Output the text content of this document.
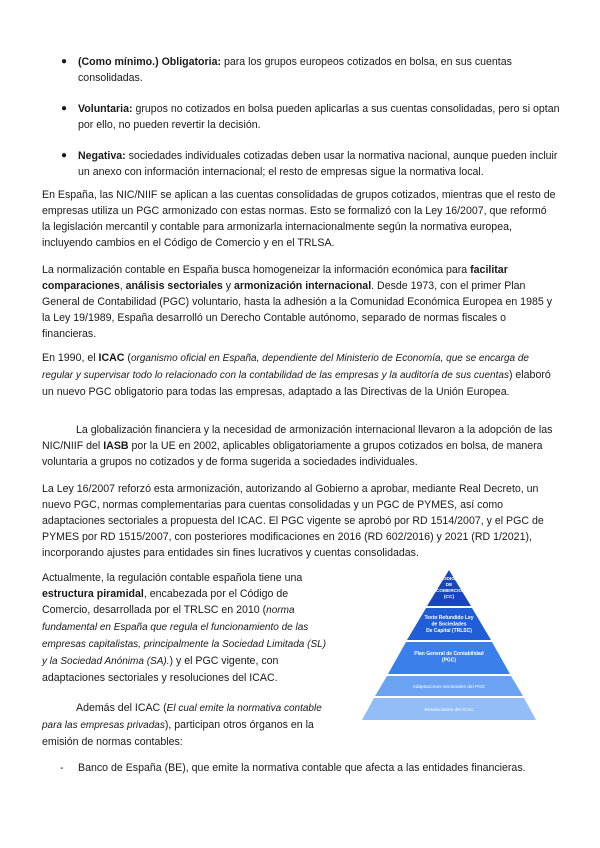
● (Como mínimo.) Obligatoria: para los grupos europeos cotizados en bolsa, en sus cuentas consolidadas.
● Voluntaria: grupos no cotizados en bolsa pueden aplicarlas a sus cuentas consolidadas, pero si optan por ello, no pueden revertir la decisión.
● Negativa: sociedades individuales cotizadas deben usar la normativa nacional, aunque pueden incluir un anexo con información internacional; el resto de empresas sigue la normativa local.

En España, las NIC/NIIF se aplican a las cuentas consolidadas de grupos cotizados, mientras que el resto de empresas utiliza un PGC armonizado con estas normas. Esto se formalizó con la Ley 16/2007, que reformó la legislación mercantil y contable para armonizarla internacionalmente según la normativa europea, incluyendo cambios en el Código de Comercio y en el TRLSA.

La normalización contable en España busca homogeneizar la información económica para facilitar comparaciones, análisis sectoriales y armonización internacional. Desde 1973, con el primer Plan General de Contabilidad (PGC) voluntario, hasta la adhesión a la Comunidad Económica Europea en 1985 y la Ley 19/1989, España desarrolló un Derecho Contable autónomo, separado de normas fiscales o financieras.

En 1990, el ICAC (organismo oficial en España, dependiente del Ministerio de Economía, que se encarga de regular y supervisar todo lo relacionado con la contabilidad de las empresas y la auditoría de sus cuentas) elaboró un nuevo PGC obligatorio para todas las empresas, adaptado a las Directivas de la Unión Europea.

La globalización financiera y la necesidad de armonización internacional llevaron a la adopción de las NIC/NIIF del IASB por la UE en 2002, aplicables obligatoriamente a grupos cotizados en bolsa, de manera voluntaria a grupos no cotizados y de forma sugerida a sociedades individuales.

La Ley 16/2007 reforzó esta armonización, autorizando al Gobierno a aprobar, mediante Real Decreto, un nuevo PGC, normas complementarias para cuentas consolidadas y un PGC de PYMES, así como adaptaciones sectoriales a propuesta del ICAC. El PGC vigente se aprobó por RD 1514/2007, y el PGC de PYMES por RD 1515/2007, con posteriores modificaciones en 2016 (RD 602/2016) y 2021 (RD 1/2021), incorporando ajustes para entidades sin fines lucrativos y cuentas consolidadas.

Actualmente, la regulación contable española tiene una estructura piramidal, encabezada por el Código de Comercio, desarrollada por el TRLSC en 2010 (norma fundamental en España que regula el funcionamiento de las empresas capitalistas, principalmente la Sociedad Limitada (SL) y la Sociedad Anónima (SA).) y el PGC vigente, con adaptaciones sectoriales y resoluciones del ICAC.

Además del ICAC (El cual emite la normativa contable para las empresas privadas), participan otros órganos en la emisión de normas contables:

- Banco de España (BE), que emite la normativa contable que afecta a las entidades financieras.

CÓDIGO DE COMERCIO (CC)
Texto Refundido Ley de Sociedades De Capital (TRLSC)
Plan General de Contabilidad (PGC)
Adaptaciones sectoriales del PGC
Resoluciones del ICAC
